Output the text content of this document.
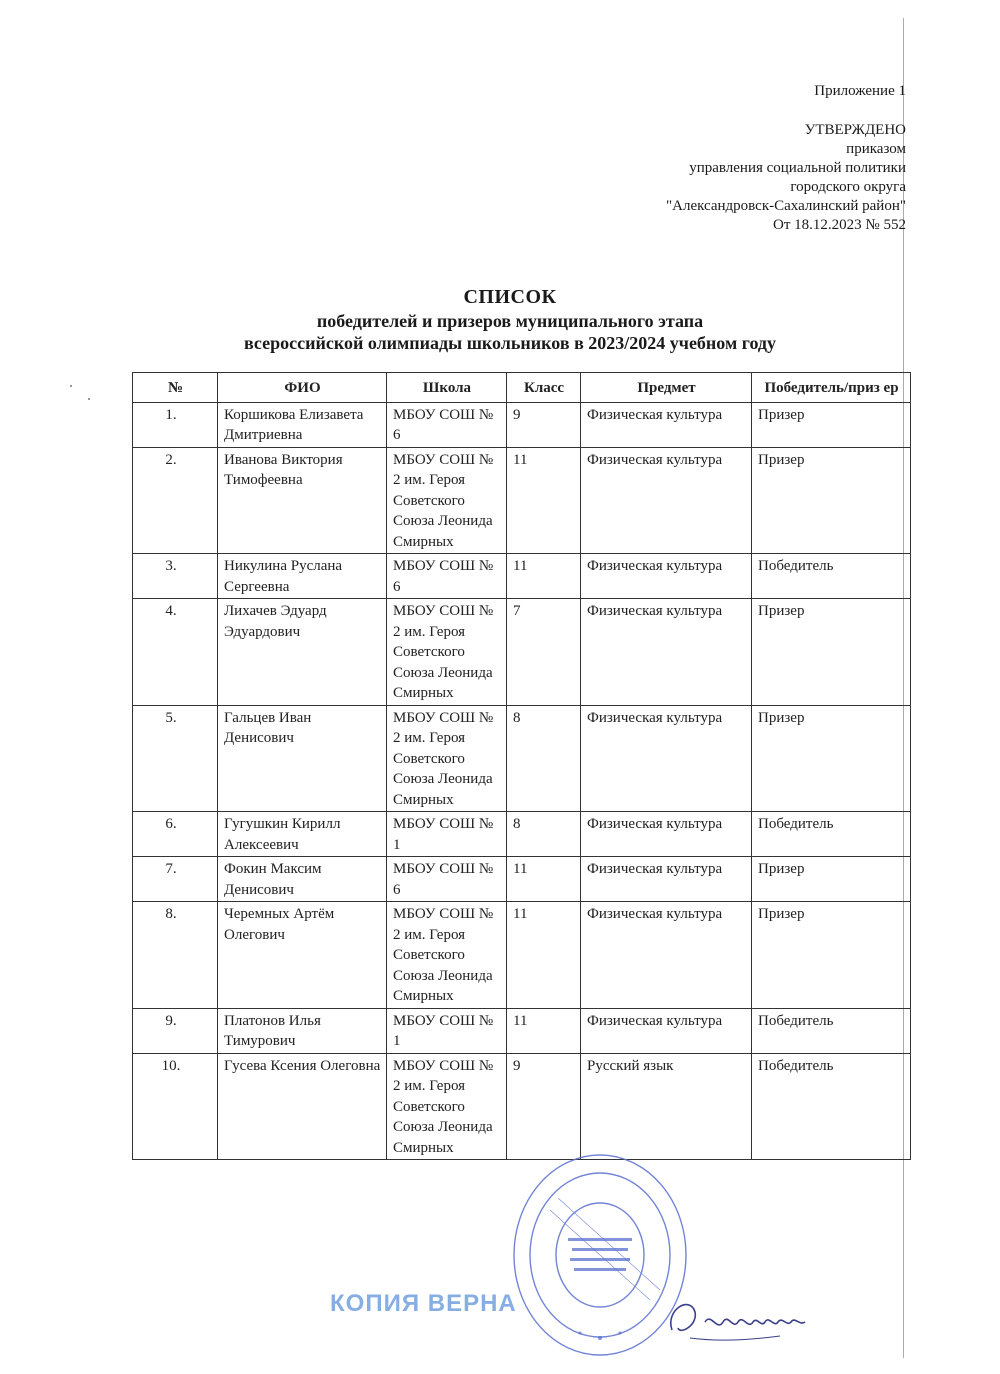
Приложение 1
УТВЕРЖДЕНО
приказом
управления социальной политики
городского округа
"Александровск-Сахалинский район"
От 18.12.2023 № 552
СПИСОК
победителей и призеров муниципального этапа
всероссийской олимпиады школьников в 2023/2024 учебном году
№	ФИО	Школа	Класс	Предмет	Победитель/приз ер
1.	Коршикова Елизавета Дмитриевна	МБОУ СОШ № 6	9	Физическая культура	Призер
2.	Иванова Виктория Тимофеевна	МБОУ СОШ № 2 им. Героя Советского Союза Леонида Смирных	11	Физическая культура	Призер
3.	Никулина Руслана Сергеевна	МБОУ СОШ № 6	11	Физическая культура	Победитель
4.	Лихачев Эдуард Эдуардович	МБОУ СОШ № 2 им. Героя Советского Союза Леонида Смирных	7	Физическая культура	Призер
5.	Гальцев Иван Денисович	МБОУ СОШ № 2 им. Героя Советского Союза Леонида Смирных	8	Физическая культура	Призер
6.	Гугушкин Кирилл Алексеевич	МБОУ СОШ № 1	8	Физическая культура	Победитель
7.	Фокин Максим Денисович	МБОУ СОШ № 6	11	Физическая культура	Призер
8.	Черемных Артём Олегович	МБОУ СОШ № 2 им. Героя Советского Союза Леонида Смирных	11	Физическая культура	Призер
9.	Платонов Илья Тимурович	МБОУ СОШ № 1	11	Физическая культура	Победитель
10.	Гусева Ксения Олеговна	МБОУ СОШ № 2 им. Героя Советского Союза Леонида Смирных	9	Русский язык	Победитель
КОПИЯ ВЕРНА
